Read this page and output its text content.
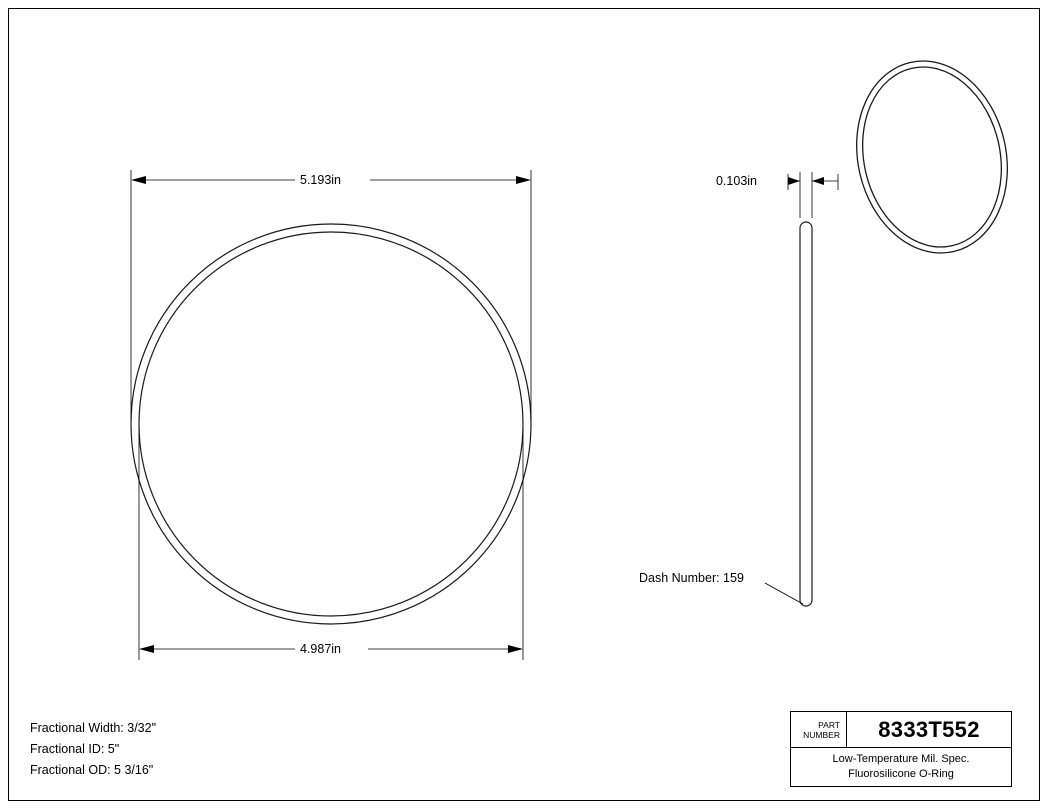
5.193in
4.987in
0.103in
Dash Number: 159
Fractional Width: 3/32"
Fractional ID: 5"
Fractional OD: 5 3/16"
PART
NUMBER	8333T552
Low-Temperature Mil. Spec.
Fluorosilicone O-Ring
